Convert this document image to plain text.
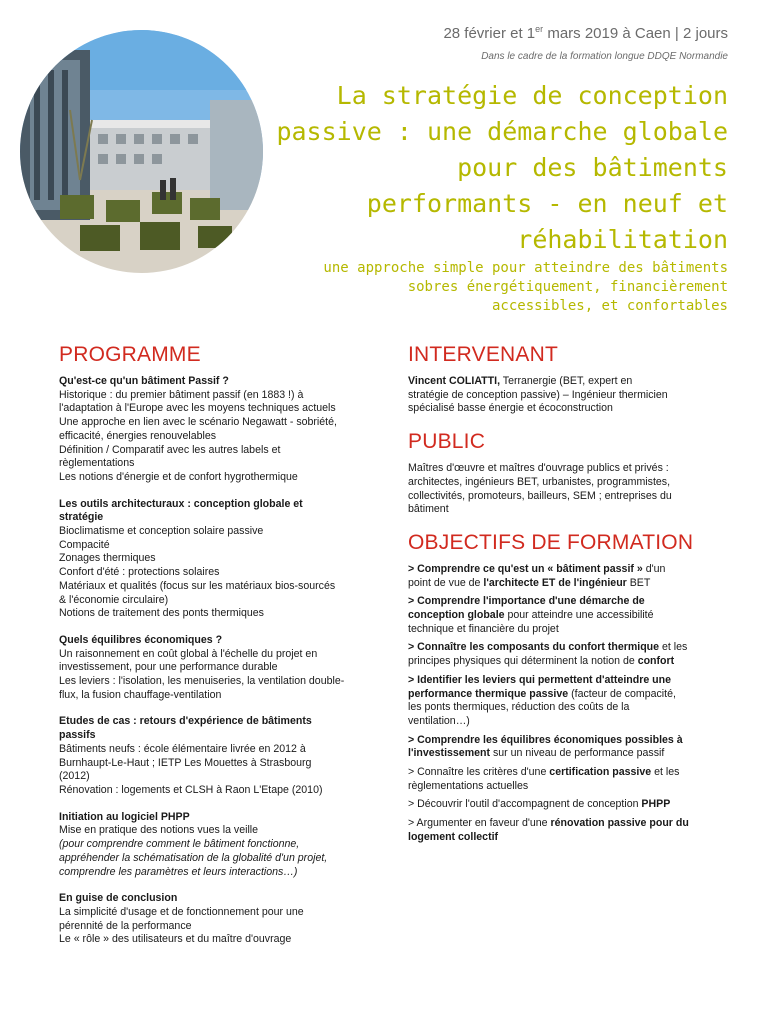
28 février et 1er mars 2019 à Caen | 2 jours
Dans le cadre de la formation longue DDQE Normandie
La stratégie de conception
passive : une démarche globale
pour des bâtiments
performants - en neuf et
réhabilitation
une approche simple pour atteindre des bâtiments
sobres énergétiquement, financièrement
accessibles, et confortables
PROGRAMME
Qu'est-ce qu'un bâtiment Passif ?
Historique : du premier bâtiment passif (en 1883 !) à
l'adaptation à l'Europe avec les moyens techniques actuels
Une approche en lien avec le scénario Negawatt - sobriété,
efficacité, énergies renouvelables
Définition / Comparatif avec les autres labels et
règlementations
Les notions d'énergie et de confort hygrothermique
Les outils architecturaux : conception globale et
stratégie
Bioclimatisme et conception solaire passive
Compacité
Zonages thermiques
Confort d'été : protections solaires
Matériaux et qualités (focus sur les matériaux bios-sourcés
& l'économie circulaire)
Notions de traitement des ponts thermiques
Quels équilibres économiques ?
Un raisonnement en coût global à l'échelle du projet en
investissement, pour une performance durable
Les leviers : l'isolation, les menuiseries, la ventilation double-
flux, la fusion chauffage-ventilation
Etudes de cas : retours d'expérience de bâtiments
passifs
Bâtiments neufs : école élémentaire livrée en 2012 à
Burnhaupt-Le-Haut ; IETP Les Mouettes à Strasbourg
(2012)
Rénovation : logements et CLSH à Raon L'Etape (2010)
Initiation au logiciel PHPP
Mise en pratique des notions vues la veille
(pour comprendre comment le bâtiment fonctionne,
appréhender la schématisation de la globalité d'un projet,
comprendre les paramètres et leurs interactions…)
En guise de conclusion
La simplicité d'usage et de fonctionnement pour une
pérennité de la performance
Le « rôle » des utilisateurs et du maître d'ouvrage
INTERVENANT
Vincent COLIATTI, Terranergie (BET, expert en
stratégie de conception passive) – Ingénieur thermicien
spécialisé basse énergie et écoconstruction
PUBLIC
Maîtres d'œuvre et maîtres d'ouvrage publics et privés :
architectes, ingénieurs BET, urbanistes, programmistes,
collectivités, promoteurs, bailleurs, SEM ; entreprises du
bâtiment
OBJECTIFS DE FORMATION
> Comprendre ce qu'est un « bâtiment passif » d'un
point de vue de l'architecte ET de l'ingénieur BET
> Comprendre l'importance d'une démarche de
conception globale pour atteindre une accessibilité
technique et financière du projet
> Connaître les composants du confort thermique et les
principes physiques qui déterminent la notion de confort
> Identifier les leviers qui permettent d'atteindre une
performance thermique passive (facteur de compacité,
les ponts thermiques, réduction des coûts de la
ventilation…)
> Comprendre les équilibres économiques possibles à
l'investissement sur un niveau de performance passif
> Connaître les critères d'une certification passive et les
règlementations actuelles
> Découvrir l'outil d'accompagnent de conception PHPP
> Argumenter en faveur d'une rénovation passive pour du
logement collectif
